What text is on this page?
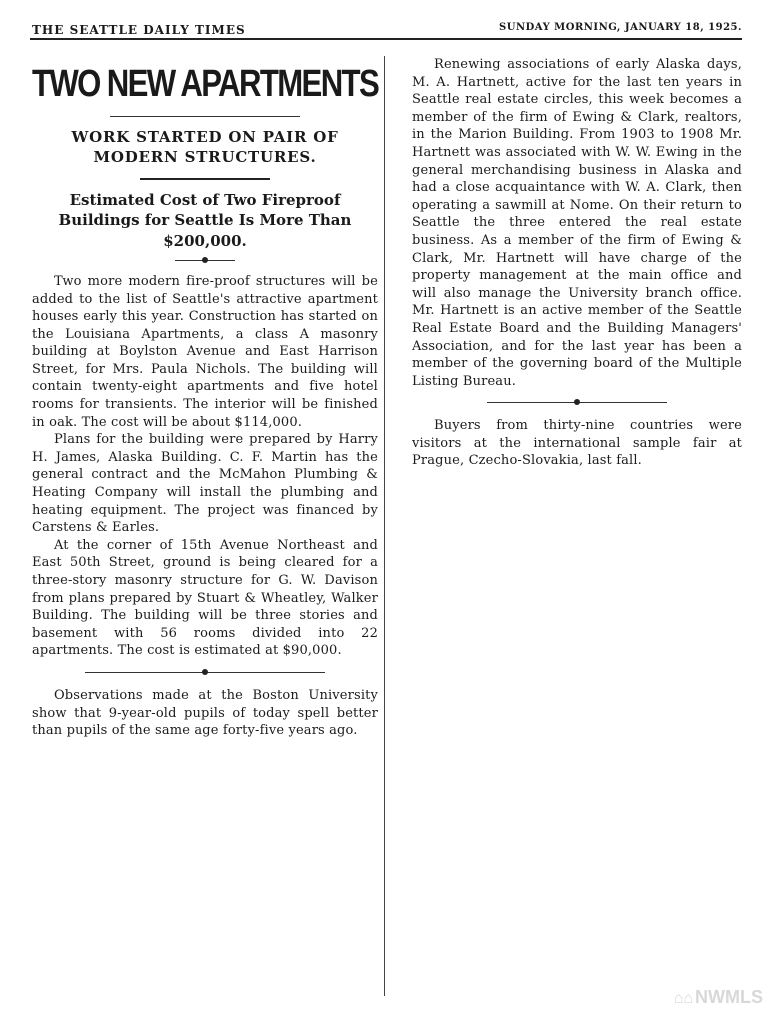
THE SEATTLE DAILY TIMES	SUNDAY MORNING, JANUARY 18, 1925.
TWO NEW APARTMENTS
WORK STARTED ON PAIR OF MODERN STRUCTURES.
Estimated Cost of Two Fireproof Buildings for Seattle Is More Than $200,000.

Two more modern fire-proof structures will be added to the list of Seattle's attractive apartment houses early this year. Construction has started on the Louisiana Apartments, a class A masonry building at Boylston Avenue and East Harrison Street, for Mrs. Paula Nichols. The building will contain twenty-eight apartments and five hotel rooms for transients. The interior will be finished in oak. The cost will be about $114,000.

Plans for the building were prepared by Harry H. James, Alaska Building. C. F. Martin has the general contract and the McMahon Plumbing & Heating Company will install the plumbing and heating equipment. The project was financed by Carstens & Earles.

At the corner of 15th Avenue Northeast and East 50th Street, ground is being cleared for a three-story masonry structure for G. W. Davison from plans prepared by Stuart & Wheatley, Walker Building. The building will be three stories and basement with 56 rooms divided into 22 apartments. The cost is estimated at $90,000.

Observations made at the Boston University show that 9-year-old pupils of today spell better than pupils of the same age forty-five years ago.

Renewing associations of early Alaska days, M. A. Hartnett, active for the last ten years in Seattle real estate circles, this week becomes a member of the firm of Ewing & Clark, realtors, in the Marion Building. From 1903 to 1908 Mr. Hartnett was associated with W. W. Ewing in the general merchandising business in Alaska and had a close acquaintance with W. A. Clark, then operating a sawmill at Nome. On their return to Seattle the three entered the real estate business. As a member of the firm of Ewing & Clark, Mr. Hartnett will have charge of the property management at the main office and will also manage the University branch office. Mr. Hartnett is an active member of the Seattle Real Estate Board and the Building Managers' Association, and for the last year has been a member of the governing board of the Multiple Listing Bureau.

Buyers from thirty-nine countries were visitors at the international sample fair at Prague, Czecho-Slovakia, last fall.

⌂⌂ NWMLS
